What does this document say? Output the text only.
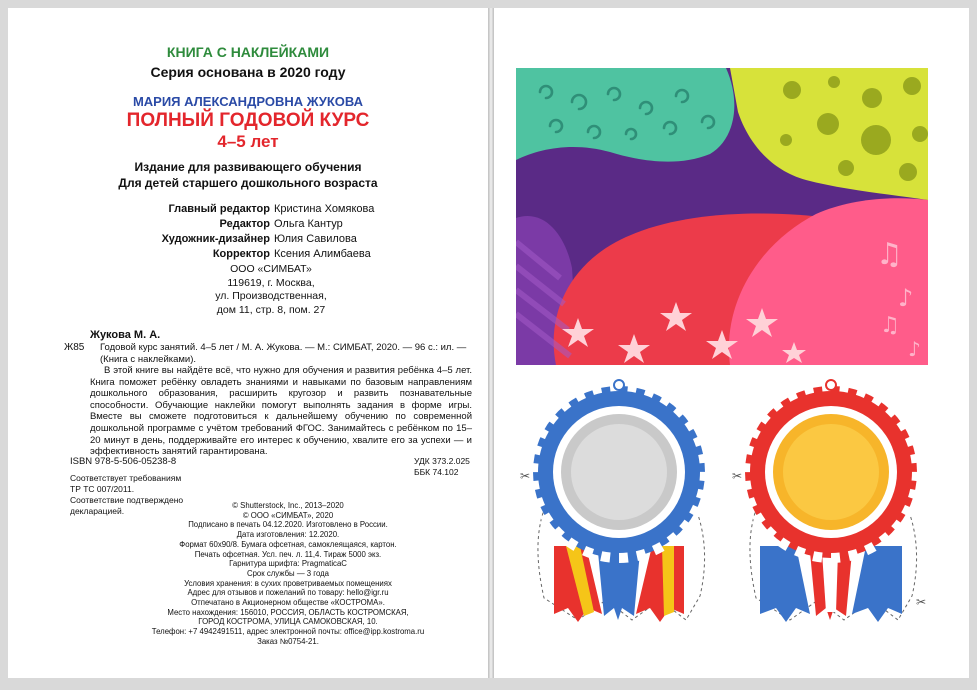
КНИГА С НАКЛЕЙКАМИ
Серия основана в 2020 году
МАРИЯ АЛЕКСАНДРОВНА ЖУКОВА
ПОЛНЫЙ ГОДОВОЙ КУРС
4–5 лет
Издание для развивающего обучения
Для детей старшего дошкольного возраста
Главный редактор Кристина Хомякова
Редактор Ольга Кантур
Художник-дизайнер Юлия Савилова
Корректор Ксения Алимбаева
ООО «СИМБАТ»
119619, г. Москва,
ул. Производственная,
дом 11, стр. 8, пом. 27
Жукова М. А.
Ж85 Годовой курс занятий. 4–5 лет / М. А. Жукова. — М.: СИМБАТ, 2020. — 96 с.: ил. — (Книга с наклейками).
В этой книге вы найдёте всё, что нужно для обучения и развития ребёнка 4–5 лет. Книга поможет ребёнку овладеть знаниями и навыками по базовым направлениям дошкольного образования, расширить кругозор и развить познавательные способности. Обучающие наклейки помогут выполнять задания в форме игры. Вместе вы сможете подготовиться к дальнейшему обучению по современной дошкольной программе с учётом требований ФГОС. Занимайтесь с ребёнком по 15–20 минут в день, поддерживайте его интерес к обучению, хвалите его за успехи — и эффективность занятий гарантирована.
ISBN 978-5-506-05238-8	УДК 373.2.025
ББК 74.102
Соответствует требованиям
ТР ТС 007/2011.
Соответствие подтверждено
декларацией.
© Shutterstock, Inc., 2013–2020
© ООО «СИМБАТ», 2020
Подписано в печать 04.12.2020. Изготовлено в России.
Дата изготовления: 12.2020.
Формат 60x90/8. Бумага офсетная, самоклеящаяся, картон.
Печать офсетная. Усл. печ. л. 11,4. Тираж 5000 экз.
Гарнитура шрифта: PragmaticaC
Срок службы — 3 года
Условия хранения: в сухих проветриваемых помещениях
Адрес для отзывов и пожеланий по товару: hello@igr.ru
Отпечатано в Акционерном обществе «КОСТРОМА».
Место нахождения: 156010, РОССИЯ, ОБЛАСТЬ КОСТРОМСКАЯ,
ГОРОД КОСТРОМА, УЛИЦА САМОКОВСКАЯ, 10.
Телефон: +7 4942491511, адрес электронной почты: office@ipp.kostroma.ru
Заказ №0754-21.
♫
♪
♫
♪
✂	✂
✂
